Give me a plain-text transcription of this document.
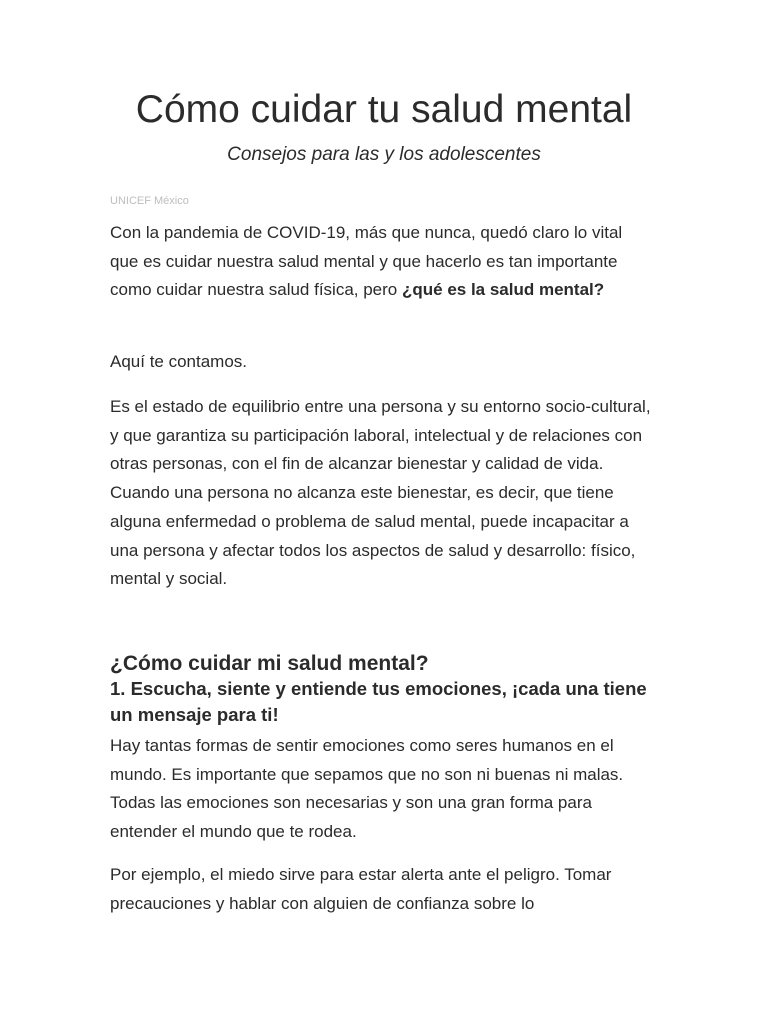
Cómo cuidar tu salud mental

Consejos para las y los adolescentes

UNICEF México

Con la pandemia de COVID-19, más que nunca, quedó claro lo vital que es cuidar nuestra salud mental y que hacerlo es tan importante como cuidar nuestra salud física, pero ¿qué es la salud mental?

Aquí te contamos.

Es el estado de equilibrio entre una persona y su entorno socio-cultural, y que garantiza su participación laboral, intelectual y de relaciones con otras personas, con el fin de alcanzar bienestar y calidad de vida. Cuando una persona no alcanza este bienestar, es decir, que tiene alguna enfermedad o problema de salud mental, puede incapacitar a una persona y afectar todos los aspectos de salud y desarrollo: físico, mental y social.

¿Cómo cuidar mi salud mental?
1. Escucha, siente y entiende tus emociones, ¡cada una tiene un mensaje para ti!

Hay tantas formas de sentir emociones como seres humanos en el mundo. Es importante que sepamos que no son ni buenas ni malas. Todas las emociones son necesarias y son una gran forma para entender el mundo que te rodea.

Por ejemplo, el miedo sirve para estar alerta ante el peligro. Tomar precauciones y hablar con alguien de confianza sobre lo
